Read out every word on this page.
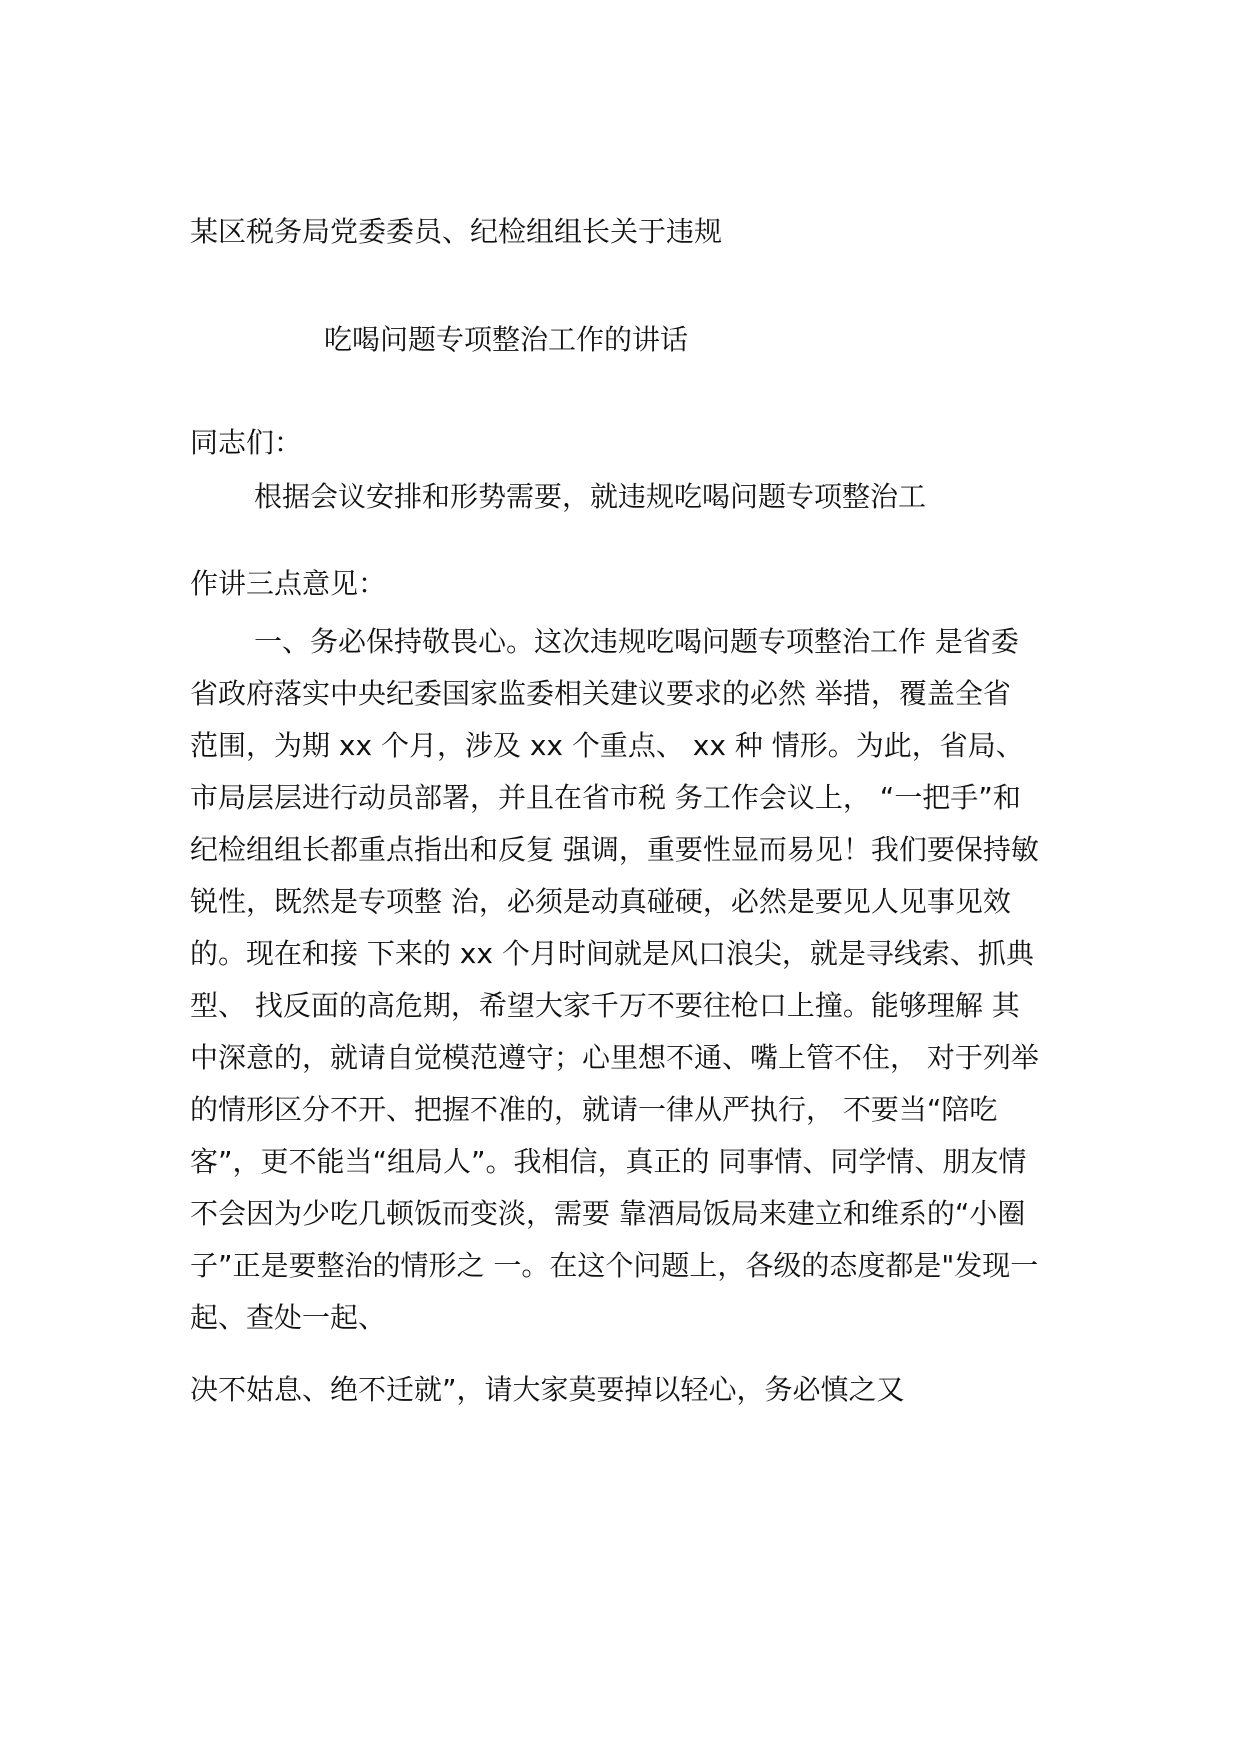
某区税务局党委委员、纪检组组长关于违规
吃喝问题专项整治工作的讲话
同志们：
根据会议安排和形势需要，就违规吃喝问题专项整治工
作讲三点意见：
一、务必保持敬畏心。这次违规吃喝问题专项整治工作 是省委
省政府落实中央纪委国家监委相关建议要求的必然 举措，覆盖全省
范围，为期 xx 个月，涉及 xx 个重点、 xx 种 情形。为此，省局、
市局层层进行动员部署，并且在省市税 务工作会议上， “一把手”和
纪检组组长都重点指出和反复 强调，重要性显而易见！我们要保持敏
锐性，既然是专项整 治，必须是动真碰硬，必然是要见人见事见效
的。现在和接 下来的 xx 个月时间就是风口浪尖，就是寻线索、抓典
型、 找反面的高危期，希望大家千万不要往枪口上撞。能够理解 其
中深意的，就请自觉模范遵守；心里想不通、嘴上管不住， 对于列举
的情形区分不开、把握不准的，就请一律从严执行， 不要当“陪吃
客”，更不能当“组局人”。我相信，真正的 同事情、同学情、朋友情
不会因为少吃几顿饭而变淡，需要 靠酒局饭局来建立和维系的“小圈
子”正是要整治的情形之 一。在这个问题上，各级的态度都是"发现一
起、查处一起、
决不姑息、绝不迁就”，请大家莫要掉以轻心，务必慎之又
